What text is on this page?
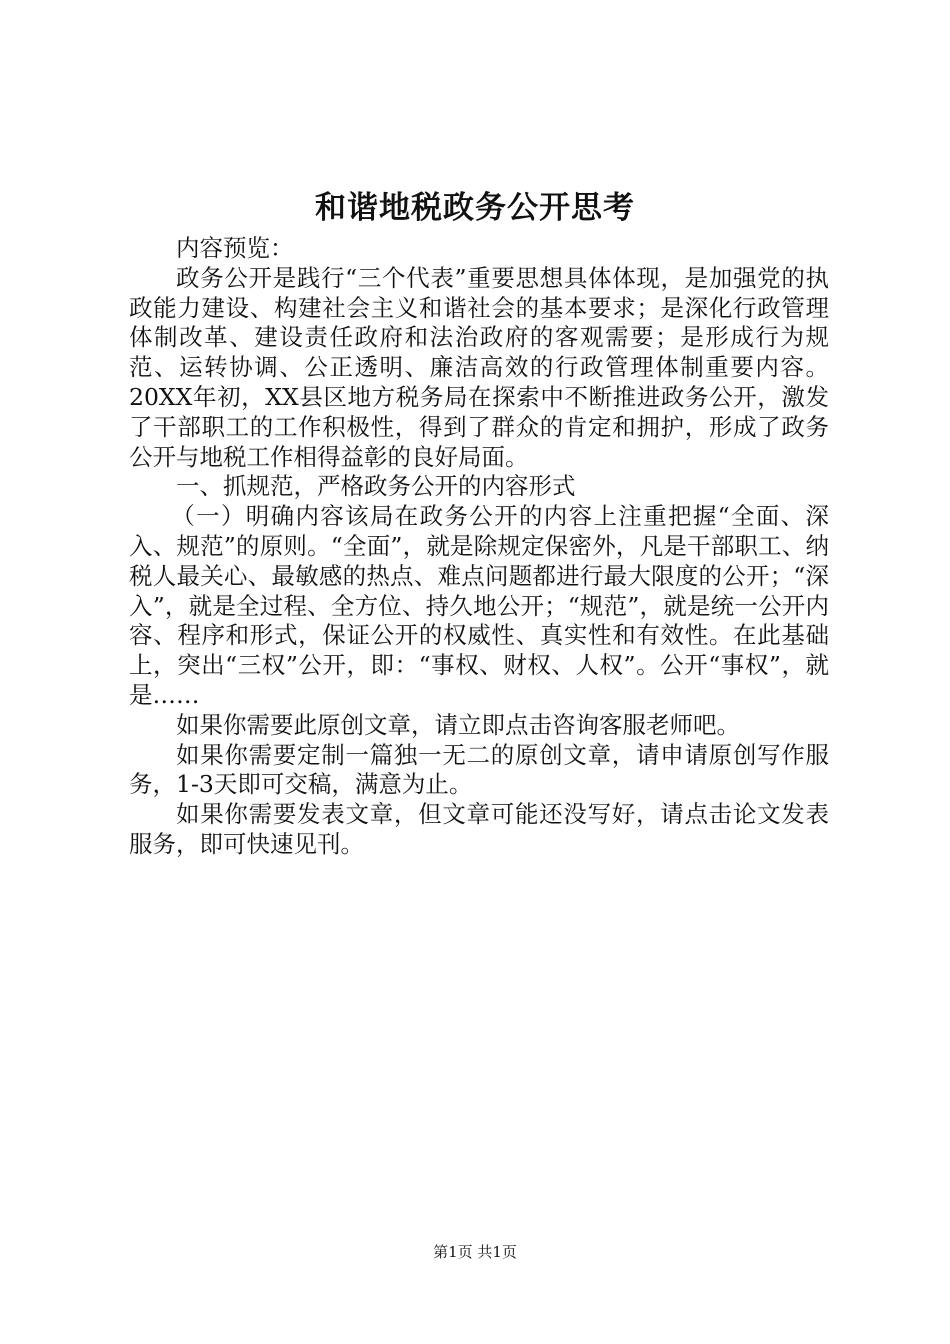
和谐地税政务公开思考

内容预览：

政务公开是践行“三个代表”重要思想具体体现，是加强党的执政能力建设、构建社会主义和谐社会的基本要求；是深化行政管理体制改革、建设责任政府和法治政府的客观需要；是形成行为规范、运转协调、公正透明、廉洁高效的行政管理体制重要内容。20XX年初，XX县区地方税务局在探索中不断推进政务公开，激发了干部职工的工作积极性，得到了群众的肯定和拥护，形成了政务公开与地税工作相得益彰的良好局面。

一、抓规范，严格政务公开的内容形式

（一）明确内容该局在政务公开的内容上注重把握“全面、深入、规范”的原则。“全面”，就是除规定保密外，凡是干部职工、纳税人最关心、最敏感的热点、难点问题都进行最大限度的公开；“深入”，就是全过程、全方位、持久地公开；“规范”，就是统一公开内容、程序和形式，保证公开的权威性、真实性和有效性。在此基础上，突出“三权”公开，即：“事权、财权、人权”。公开“事权”，就是……

如果你需要此原创文章，请立即点击咨询客服老师吧。

如果你需要定制一篇独一无二的原创文章，请申请原创写作服务，1-3天即可交稿，满意为止。

如果你需要发表文章，但文章可能还没写好，请点击论文发表服务，即可快速见刊。

第1页 共1页
